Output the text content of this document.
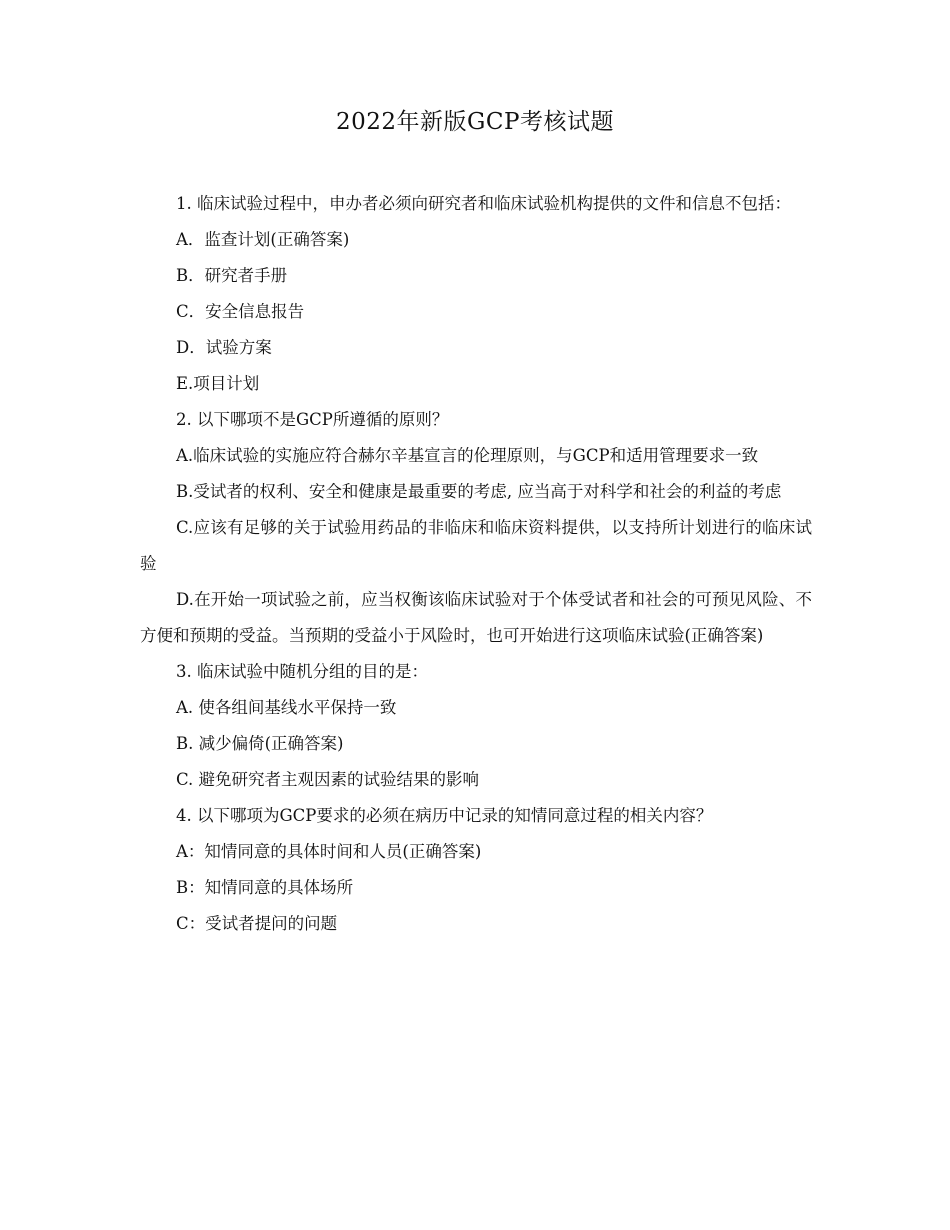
2022年新版GCP考核试题

1. 临床试验过程中，申办者必须向研究者和临床试验机构提供的文件和信息不包括：

A．监查计划(正确答案)

B．研究者手册

C．安全信息报告

D．试验方案

E.项目计划

2. 以下哪项不是GCP所遵循的原则？

A.临床试验的实施应符合赫尔辛基宣言的伦理原则，与GCP和适用管理要求一致

B.受试者的权利、安全和健康是最重要的考虑, 应当高于对科学和社会的利益的考虑

C.应该有足够的关于试验用药品的非临床和临床资料提供，以支持所计划进行的临床试验

D.在开始一项试验之前，应当权衡该临床试验对于个体受试者和社会的可预见风险、不方便和预期的受益。当预期的受益小于风险时，也可开始进行这项临床试验(正确答案)

3. 临床试验中随机分组的目的是：

A. 使各组间基线水平保持一致

B. 减少偏倚(正确答案)

C. 避免研究者主观因素的试验结果的影响

4. 以下哪项为GCP要求的必须在病历中记录的知情同意过程的相关内容？

A：知情同意的具体时间和人员(正确答案)

B：知情同意的具体场所

C：受试者提问的问题
